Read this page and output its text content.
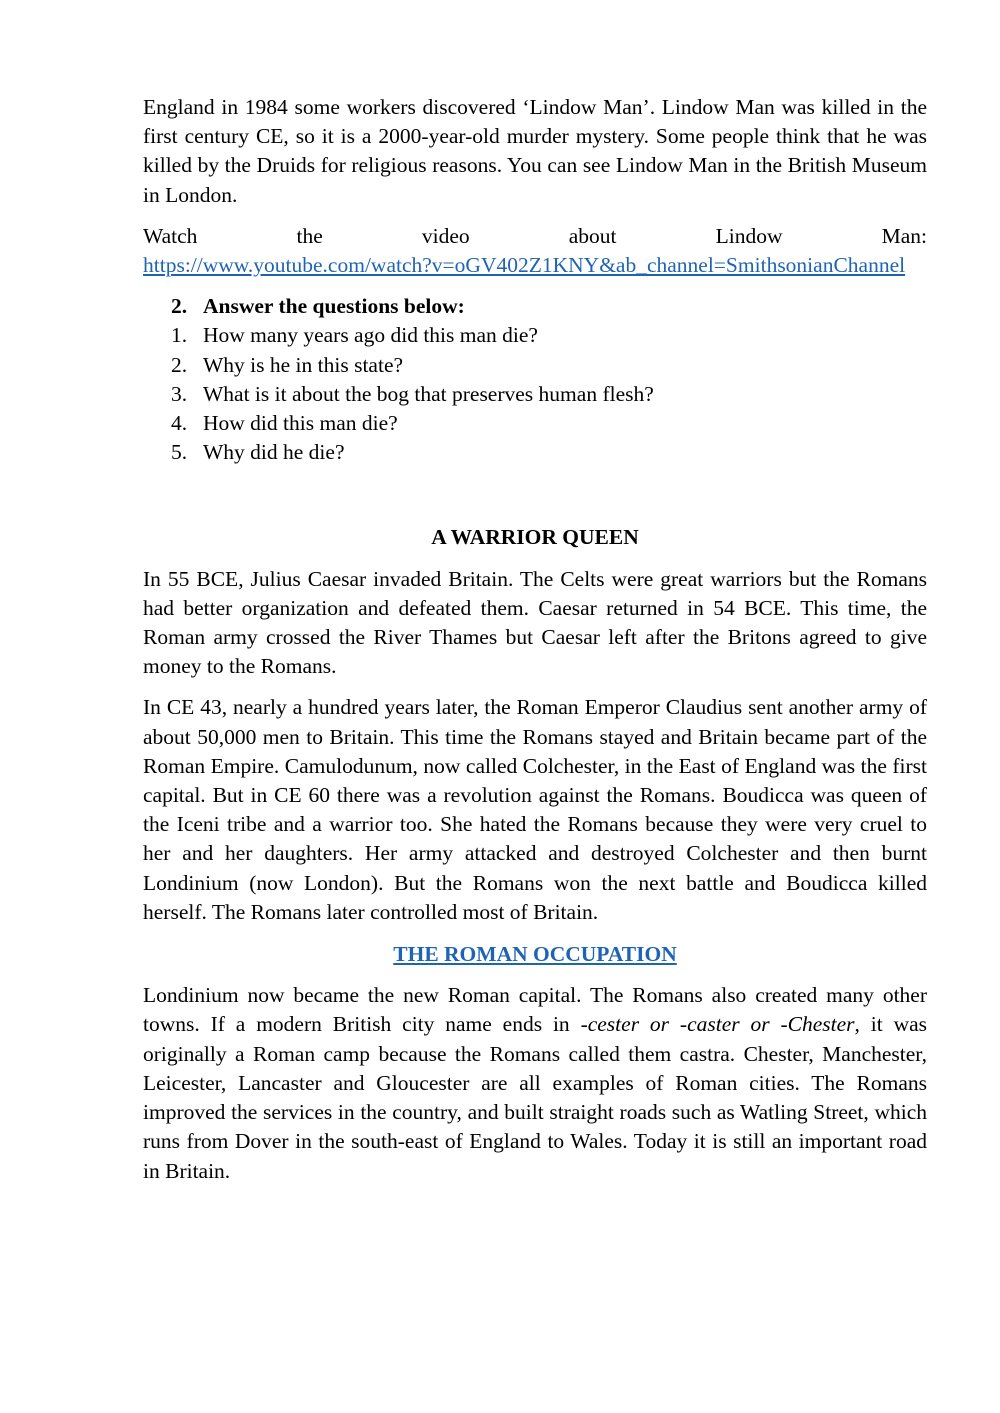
England in 1984 some workers discovered ‘Lindow Man’. Lindow Man was killed in the first century CE, so it is a 2000-year-old murder mystery. Some people think that he was killed by the Druids for religious reasons. You can see Lindow Man in the British Museum in London.

Watch	the	video	about	Lindow	Man:
https://www.youtube.com/watch?v=oGV402Z1KNY&ab_channel=SmithsonianChannel
2. Answer the questions below:
1. How many years ago did this man die?
2. Why is he in this state?
3. What is it about the bog that preserves human flesh?
4. How did this man die?
5. Why did he die?
A WARRIOR QUEEN

In 55 BCE, Julius Caesar invaded Britain. The Celts were great warriors but the Romans had better organization and defeated them. Caesar returned in 54 BCE. This time, the Roman army crossed the River Thames but Caesar left after the Britons agreed to give money to the Romans.

In CE 43, nearly a hundred years later, the Roman Emperor Claudius sent another army of about 50,000 men to Britain. This time the Romans stayed and Britain became part of the Roman Empire. Camulodunum, now called Colchester, in the East of England was the first capital. But in CE 60 there was a revolution against the Romans. Boudicca was queen of the Iceni tribe and a warrior too. She hated the Romans because they were very cruel to her and her daughters. Her army attacked and destroyed Colchester and then burnt Londinium (now London). But the Romans won the next battle and Boudicca killed herself. The Romans later controlled most of Britain.

THE ROMAN OCCUPATION

Londinium now became the new Roman capital. The Romans also created many other towns. If a modern British city name ends in -cester or -caster or -Chester, it was originally a Roman camp because the Romans called them castra. Chester, Manchester, Leicester, Lancaster and Gloucester are all examples of Roman cities. The Romans improved the services in the country, and built straight roads such as Watling Street, which runs from Dover in the south-east of England to Wales. Today it is still an important road in Britain.
